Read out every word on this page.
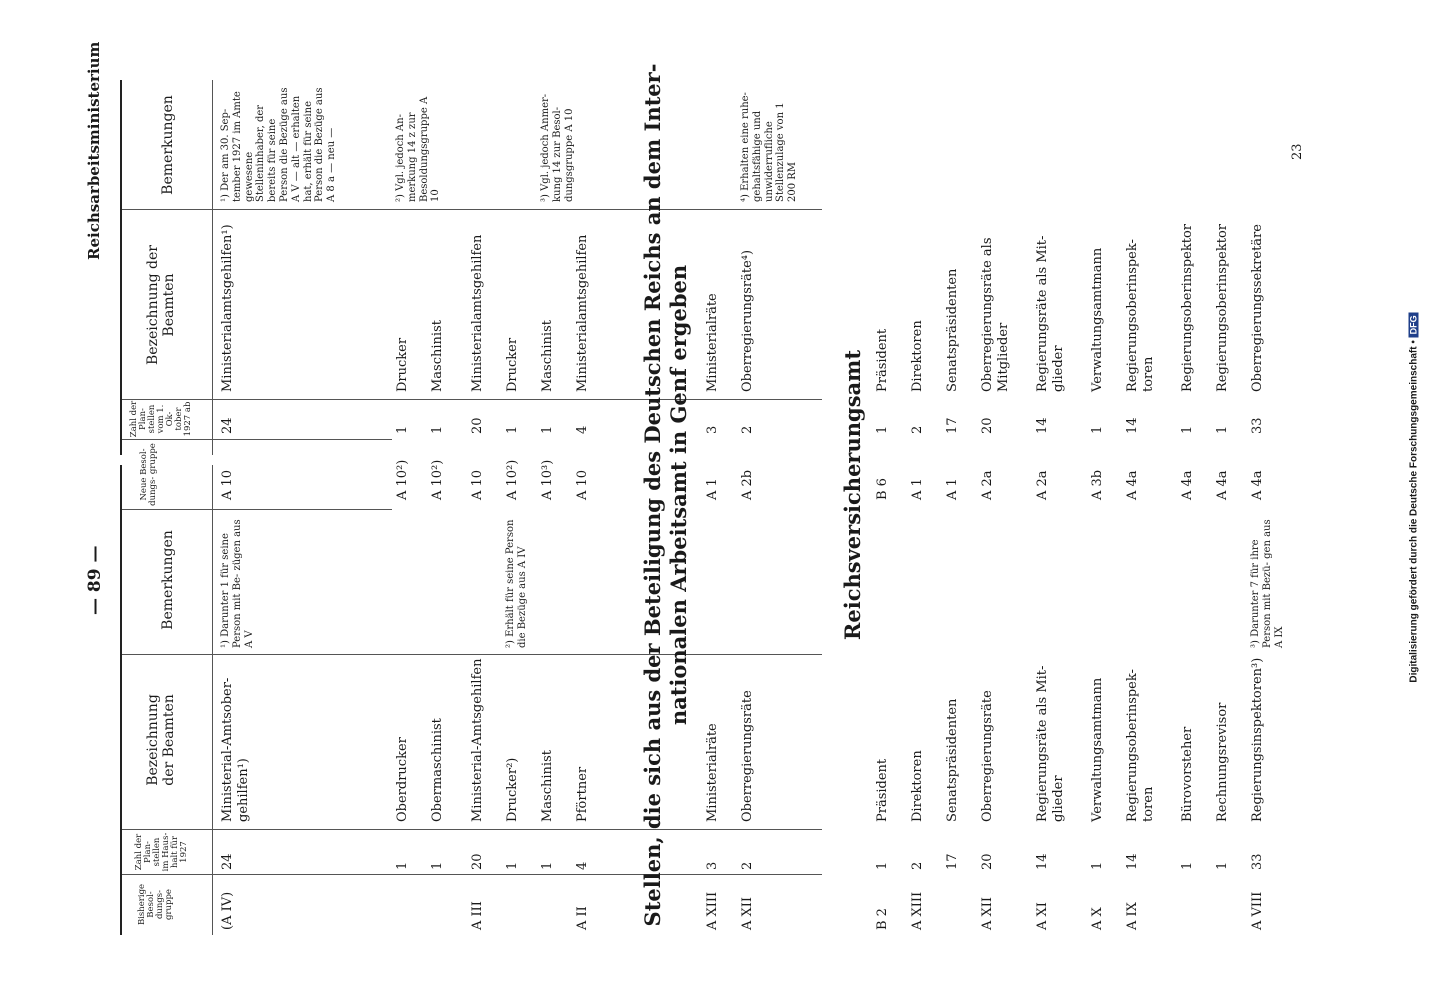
— 89 —
Reichsarbeitsministerium
Bisherige Besol- dungs- gruppe
Zahl der Plan- stellen im Haus- halt für 1927
Bezeichnung der Beamten
Bemerkungen
Neue Besol- dungs- gruppe
Zahl der Plan- stellen vom 1. Ok- tober 1927 ab
Bezeichnung der Beamten
Bemerkungen
(A IV)
24
Ministerial-Amtsober- gehilfen¹)
¹) Darunter 1 für seine Person mit Be- zügen aus A V
A 10
24
Ministerialamtsgehilfen¹)
¹) Der am 30. Sep- tember 1927 im Amte gewesene Stelleninhaber, der bereits für seine Person die Bezüge aus A V — alt — erhalten hat, erhält für seine Person die Bezüge aus A 8 a — neu —
1
Oberdrucker
A 10²)
1
Drucker
²) Vgl. jedoch An- merkung 14 z zur Besoldungsgruppe A 10
1
Obermaschinist
A 10²)
1
Maschinist
A III
20
Ministerial-Amtsgehilfen
A 10
20
Ministerialamtsgehilfen
1
Drucker²)
²) Erhält für seine Person die Bezüge aus A IV
A 10²)
1
Drucker
1
Maschinist
A 10³)
1
Maschinist
³) Vgl. jedoch Anmer- kung 14 zur Besol- dungsgruppe A 10
A II
4
Pförtner
A 10
4
Ministerialamtsgehilfen Stellen, die sich aus der Beteiligung des Deutschen Reichs an dem Inter- nationalen Arbeitsamt in Genf ergeben
A XIII
3
Ministerialräte
A 1
3
Ministerialräte
A XII
2
Oberregierungsräte
A 2b
2
Oberregierungsräte⁴)
⁴) Erhalten eine ruhe- gehaltsfähige und unwiderrufliche Stellenzulage von 1 200 RM
Reichsversicherungsamt
B 2
1
Präsident
B 6
1
Präsident
A XIII
2
Direktoren
A 1
2
Direktoren
17
Senatspräsidenten
A 1
17
Senatspräsidenten
A XII
20
Oberregierungsräte
A 2a
20
Oberregierungsräte als Mitglieder
A XI
14
Regierungsräte als Mit- glieder
A 2a
14
Regierungsräte als Mit- glieder
A X
1
Verwaltungsamtmann
A 3b
1
Verwaltungsamtmann
A IX
14
Regierungsoberinspek- toren
A 4a
14
Regierungsoberinspek- toren
1
Bürovorsteher
A 4a
1
Regierungsoberinspektor
1
Rechnungsrevisor
A 4a
1
Regierungsoberinspektor
A VIII
33
Regierungsinspektoren³)
³) Darunter 7 für ihre Person mit Bezü- gen aus A IX
A 4a
33
Oberregierungssekretäre
23
Digitalisierung gefördert durch die Deutsche Forschungsgemeinschaft • DFG
